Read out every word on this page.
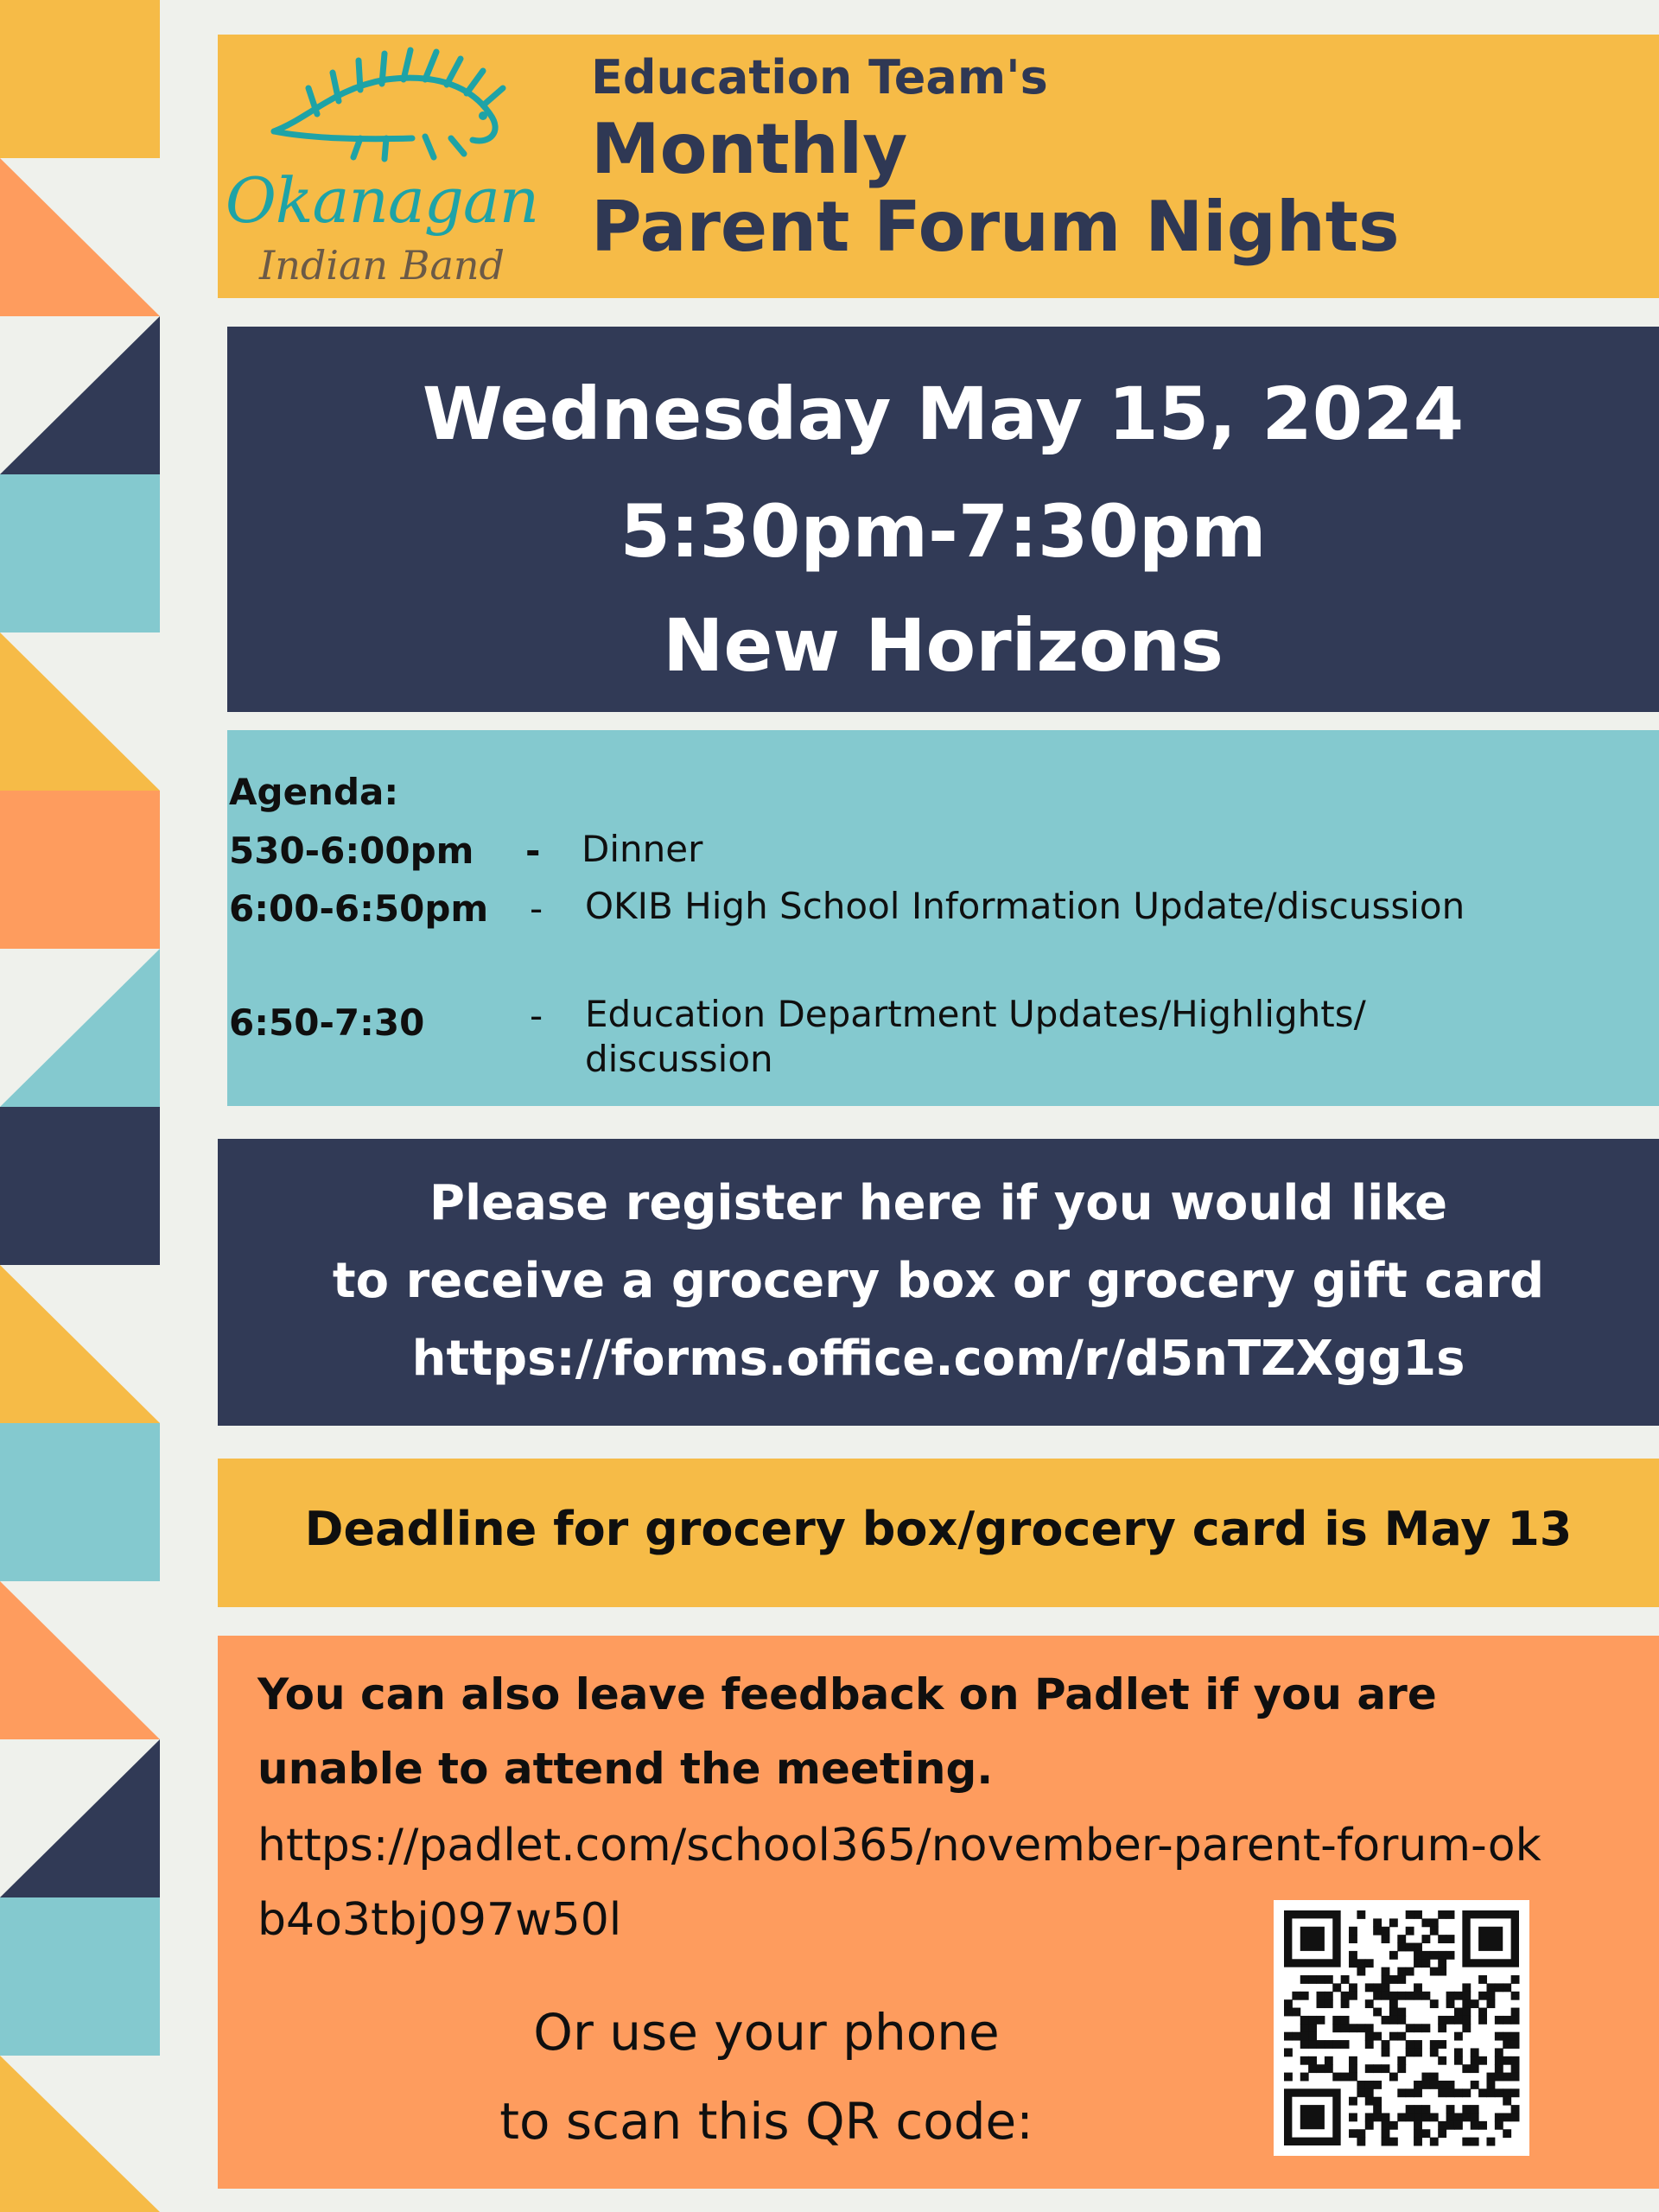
Okanagan
Indian Band
Education Team's
Monthly
Parent Forum Nights
Wednesday May 15, 2024
5:30pm-7:30pm
New Horizons
Agenda:
530-6:00pm - Dinner
6:00-6:50pm - OKIB High School Information Update/discussion
6:50-7:30	- Education Department Updates/Highlights/ discussion
Please register here if you would like
to receive a grocery box or grocery gift card
https://forms.office.com/r/d5nTZXgg1s
Deadline for grocery box/grocery card is May 13
You can also leave feedback on Padlet if you are unable to attend the meeting.
https://padlet.com/school365/november-parent-forum-okb4o3tbj097w50l
Or use your phone
to scan this QR code:
